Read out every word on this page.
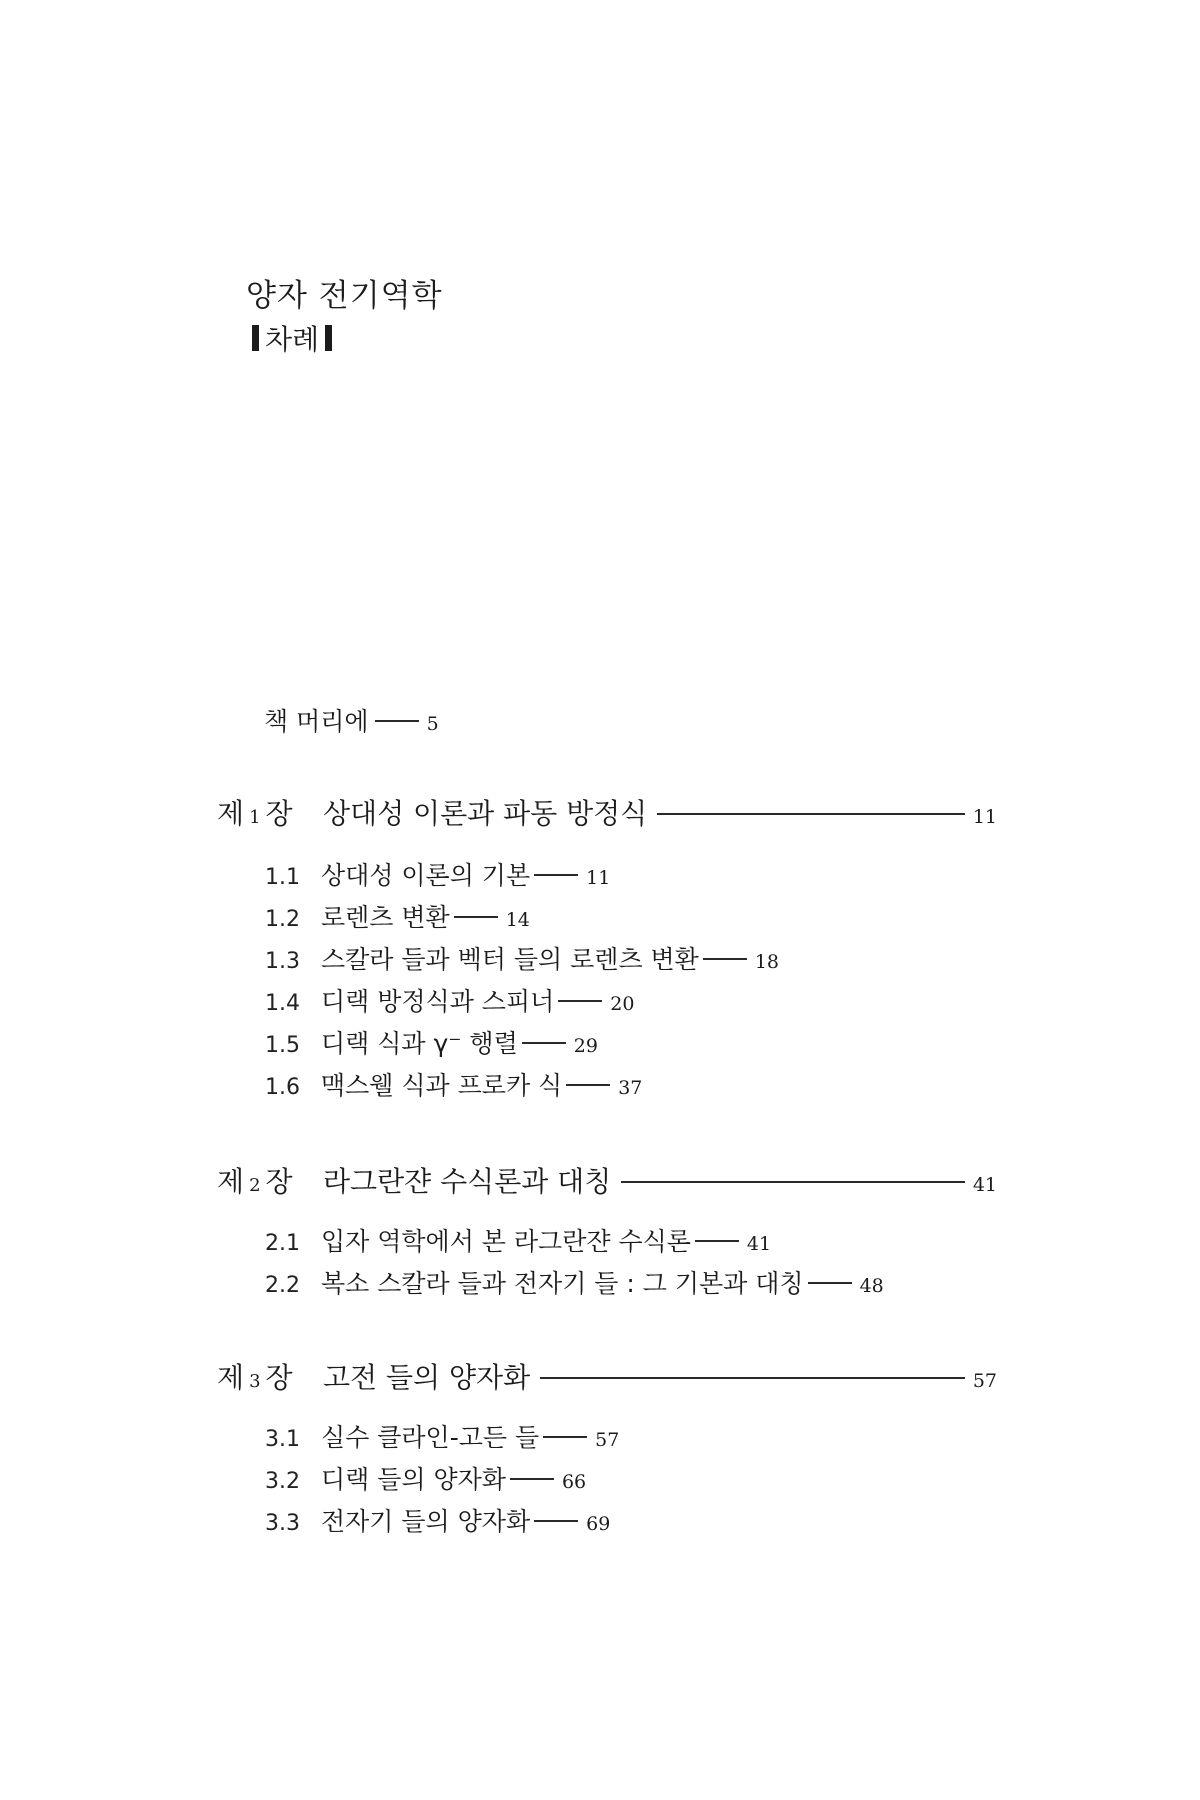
양자 전기역학
차례
책 머리에	5
제 1 장 상대성 이론과 파동 방정식	11
1.1 상대성 이론의 기본	11
1.2 로렌츠 변환	14
1.3 스칼라 들과 벡터 들의 로렌츠 변환	18
1.4 디랙 방정식과 스피너	20
1.5 디랙 식과 γ⁻ 행렬	29
1.6 맥스웰 식과 프로카 식	37
제 2 장 라그란쟌 수식론과 대칭	41
2.1 입자 역학에서 본 라그란쟌 수식론	41
2.2 복소 스칼라 들과 전자기 들 : 그 기본과 대칭	48
제 3 장 고전 들의 양자화	57
3.1 실수 클라인-고든 들	57
3.2 디랙 들의 양자화	66
3.3 전자기 들의 양자화	69
